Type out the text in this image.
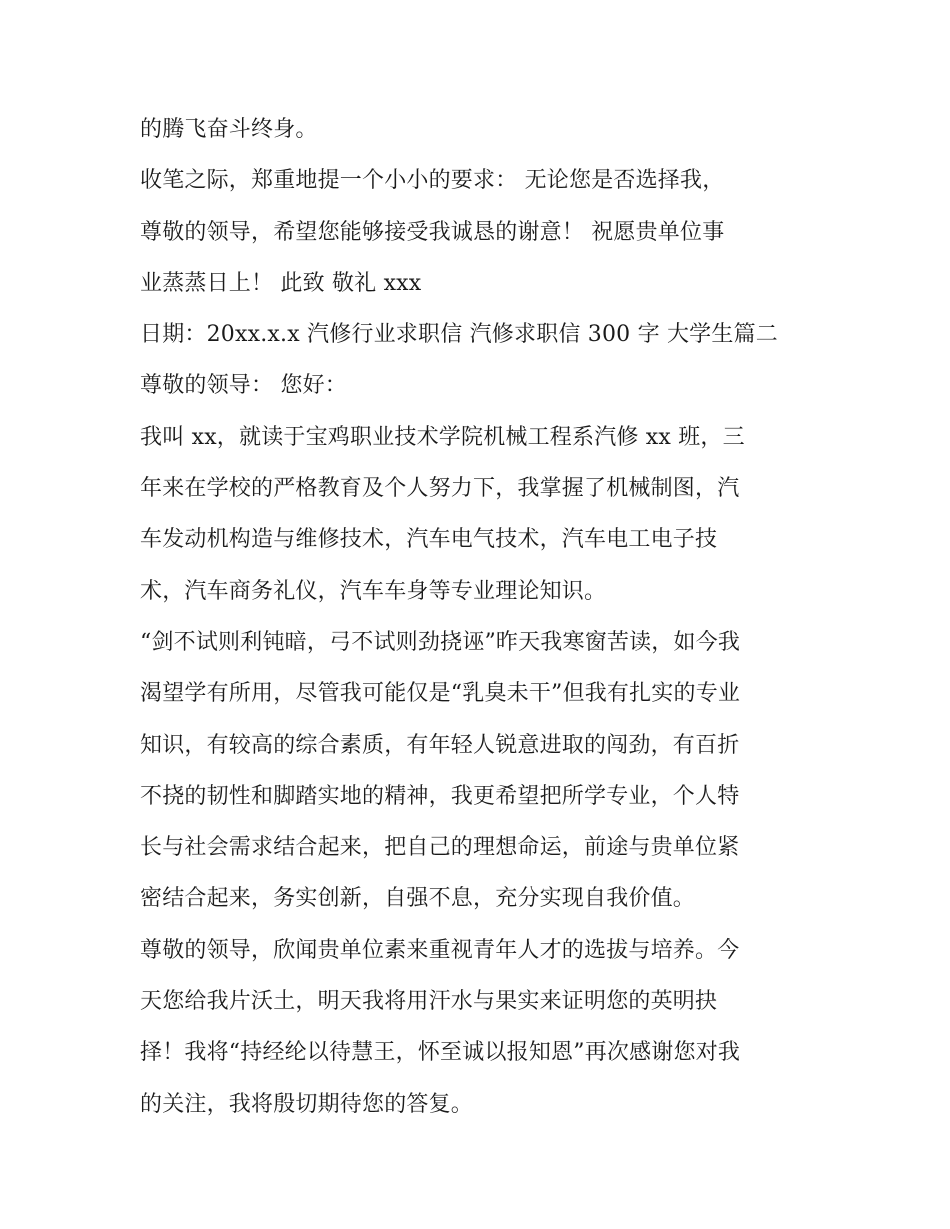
的腾飞奋斗终身。
收笔之际，郑重地提一个小小的要求： 无论您是否选择我，
尊敬的领导，希望您能够接受我诚恳的谢意！ 祝愿贵单位事
业蒸蒸日上！ 此致 敬礼 xxx
日期：20xx.x.x 汽修行业求职信 汽修求职信 300 字 大学生篇二
尊敬的领导： 您好：
我叫 xx，就读于宝鸡职业技术学院机械工程系汽修 xx 班，三
年来在学校的严格教育及个人努力下，我掌握了机械制图，汽
车发动机构造与维修技术，汽车电气技术，汽车电工电子技
术，汽车商务礼仪，汽车车身等专业理论知识。
“剑不试则利钝暗，弓不试则劲挠诬”昨天我寒窗苦读，如今我
渴望学有所用，尽管我可能仅是“乳臭未干”但我有扎实的专业
知识，有较高的综合素质，有年轻人锐意进取的闯劲，有百折
不挠的韧性和脚踏实地的精神，我更希望把所学专业，个人特
长与社会需求结合起来，把自己的理想命运，前途与贵单位紧
密结合起来，务实创新，自强不息，充分实现自我价值。
尊敬的领导，欣闻贵单位素来重视青年人才的选拔与培养。今
天您给我片沃土，明天我将用汗水与果实来证明您的英明抉
择！我将“持经纶以待慧王，怀至诚以报知恩”再次感谢您对我
的关注，我将殷切期待您的答复。
